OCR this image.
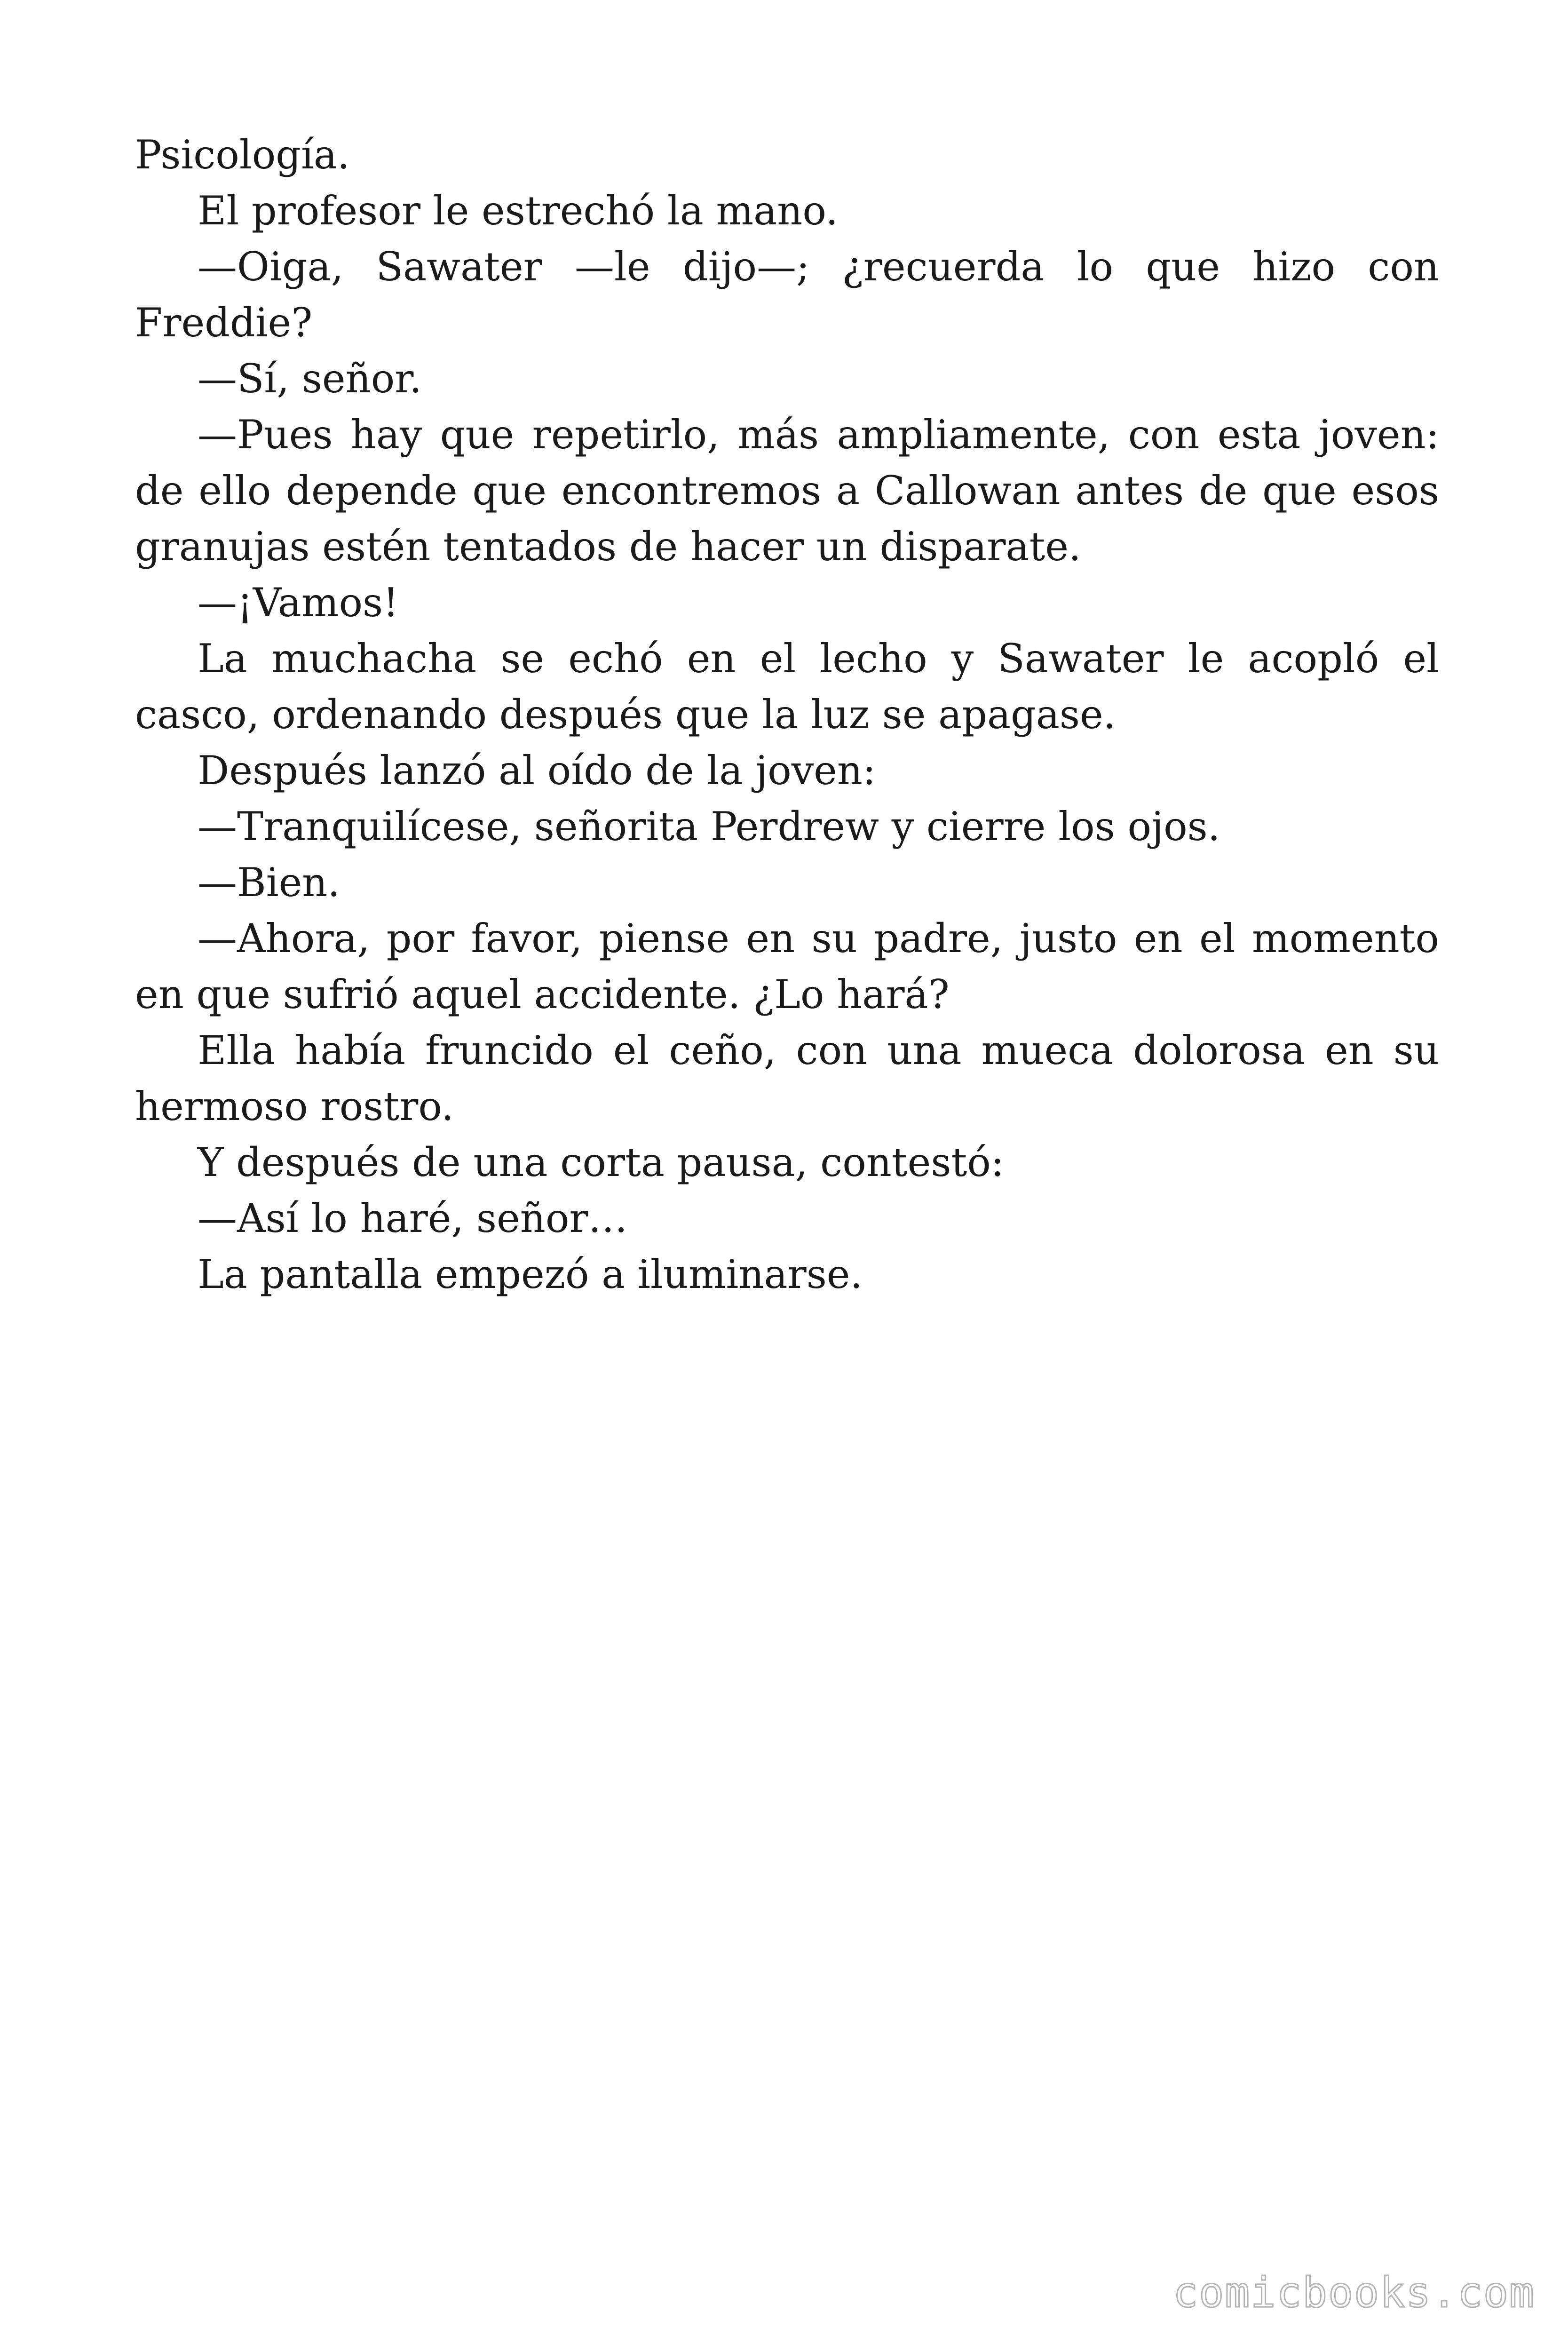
Psicología.

El profesor le estrechó la mano.

—Oiga, Sawater —le dijo—; ¿recuerda lo que hizo con Freddie?

—Sí, señor.

—Pues hay que repetirlo, más ampliamente, con esta joven: de ello depende que encontremos a Callowan antes de que esos granujas estén tentados de hacer un disparate.

—¡Vamos!

La muchacha se echó en el lecho y Sawater le acopló el casco, ordenando después que la luz se apagase.

Después lanzó al oído de la joven:

—Tranquilícese, señorita Perdrew y cierre los ojos.

—Bien.

—Ahora, por favor, piense en su padre, justo en el momento en que sufrió aquel accidente. ¿Lo hará?

Ella había fruncido el ceño, con una mueca dolorosa en su hermoso rostro.

Y después de una corta pausa, contestó:

—Así lo haré, señor…

La pantalla empezó a iluminarse.

comicbooks.com
